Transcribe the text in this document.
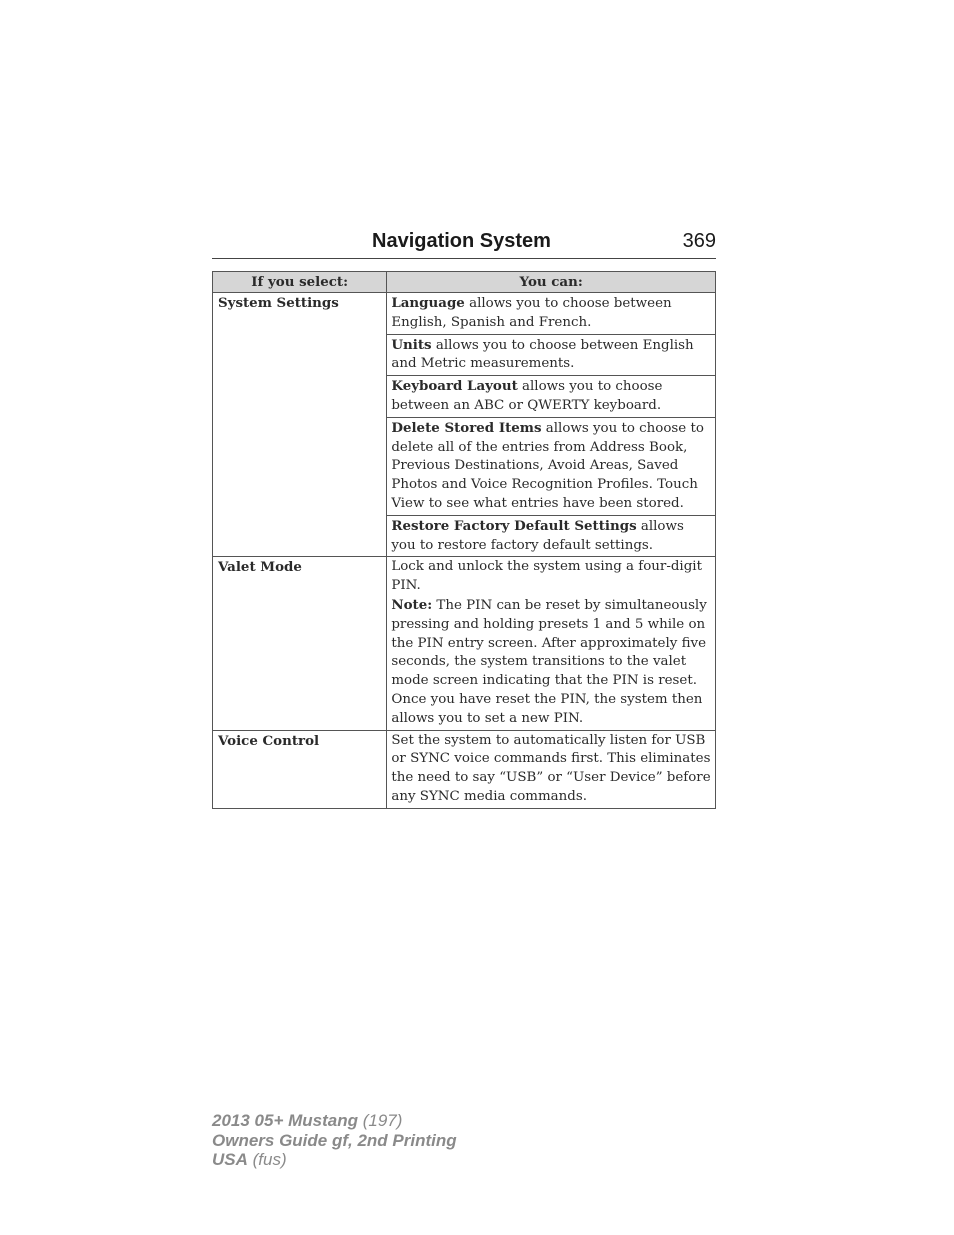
Navigation System	369
If you select:	You can:
System Settings	Language allows you to choose between English, Spanish and French.
	Units allows you to choose between English and Metric measurements.
	Keyboard Layout allows you to choose between an ABC or QWERTY keyboard.
	Delete Stored Items allows you to choose to delete all of the entries from Address Book, Previous Destinations, Avoid Areas, Saved Photos and Voice Recognition Profiles. Touch View to see what entries have been stored.
	Restore Factory Default Settings allows you to restore factory default settings.
Valet Mode	Lock and unlock the system using a four-digit PIN.
Note: The PIN can be reset by simultaneously pressing and holding presets 1 and 5 while on the PIN entry screen. After approximately five seconds, the system transitions to the valet mode screen indicating that the PIN is reset. Once you have reset the PIN, the system then allows you to set a new PIN.
Voice Control	Set the system to automatically listen for USB or SYNC voice commands first. This eliminates the need to say “USB” or “User Device” before any SYNC media commands.
2013 05+ Mustang (197)
Owners Guide gf, 2nd Printing
USA (fus)
